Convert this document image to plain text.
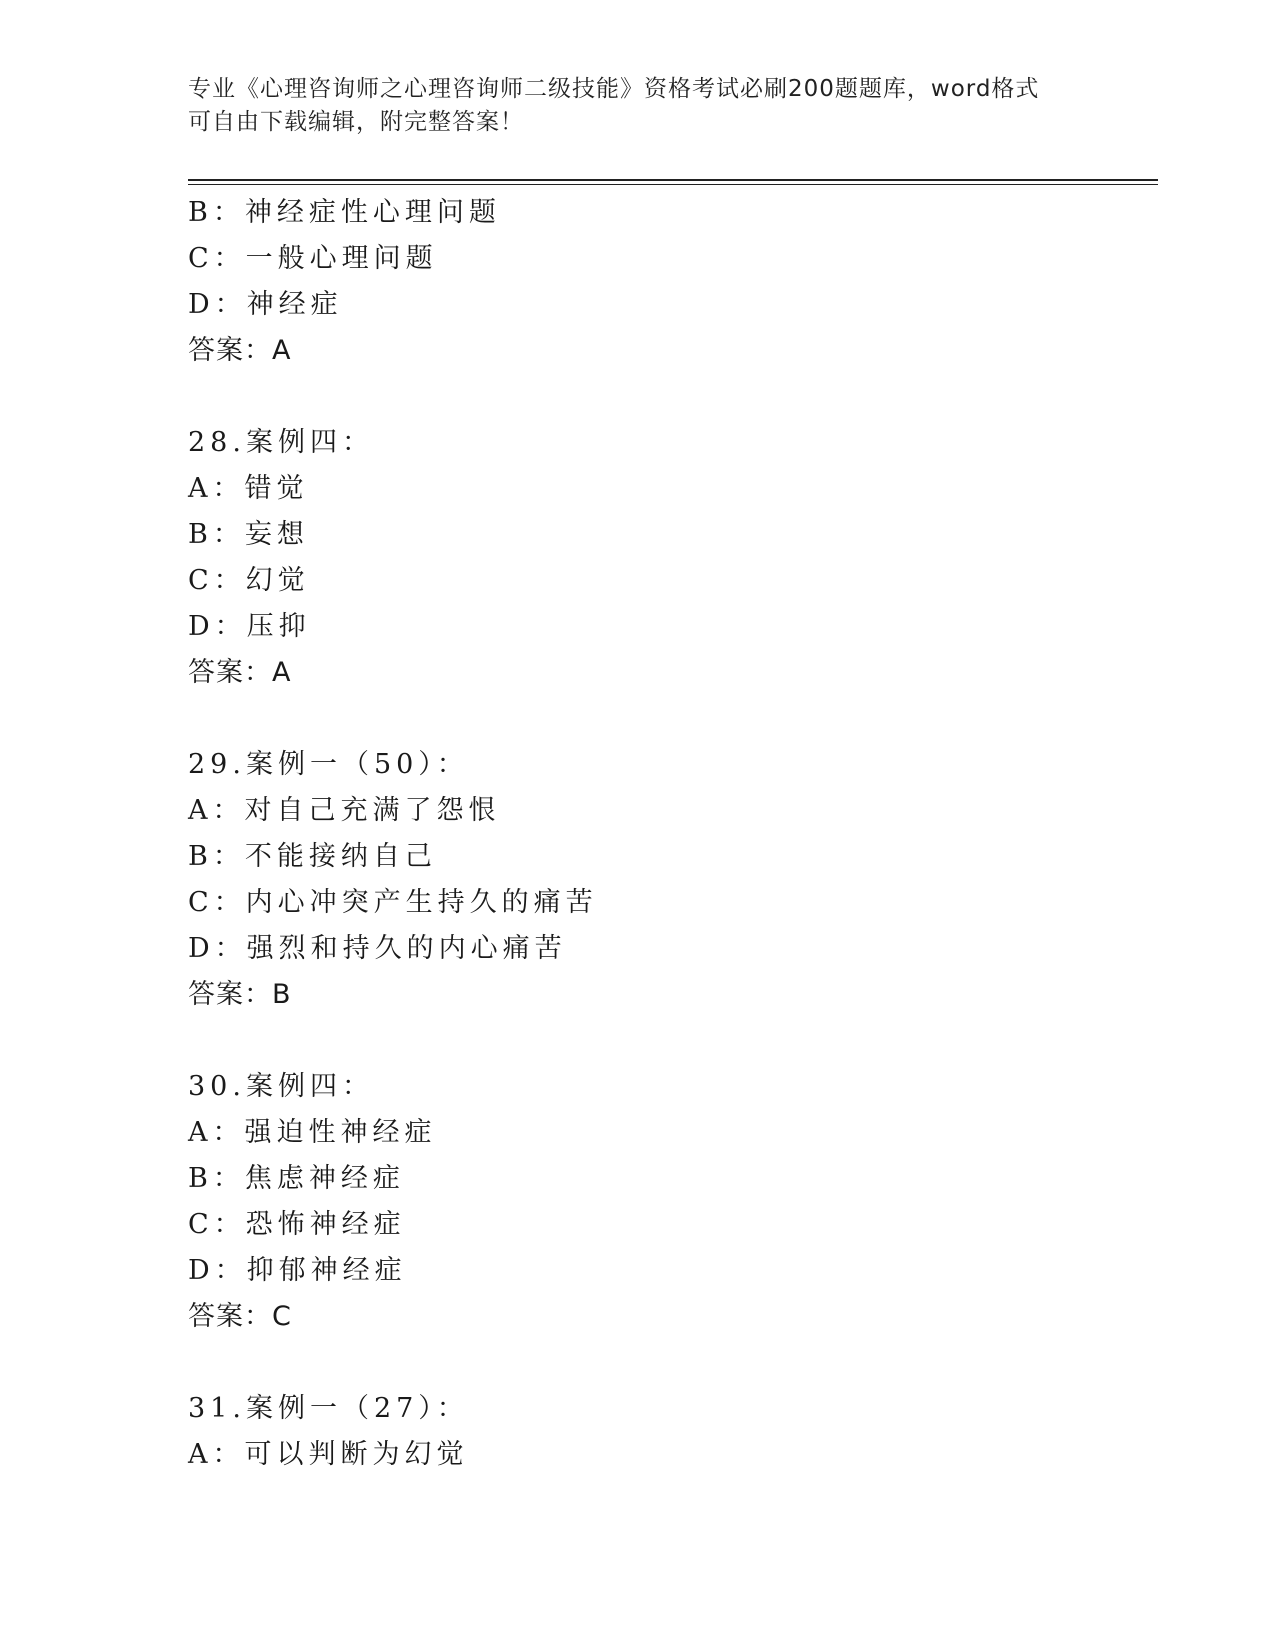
专业《心理咨询师之心理咨询师二级技能》资格考试必刷200题题库，word格式
可自由下载编辑，附完整答案！
B：神经症性心理问题
C：一般心理问题
D：神经症
答案：A
28.案例四：
A：错觉
B：妄想
C：幻觉
D：压抑
答案：A
29.案例一（50）：
A：对自己充满了怨恨
B：不能接纳自己
C：内心冲突产生持久的痛苦
D：强烈和持久的内心痛苦
答案：B
30.案例四：
A：强迫性神经症
B：焦虑神经症
C：恐怖神经症
D：抑郁神经症
答案：C
31.案例一（27）：
A：可以判断为幻觉
